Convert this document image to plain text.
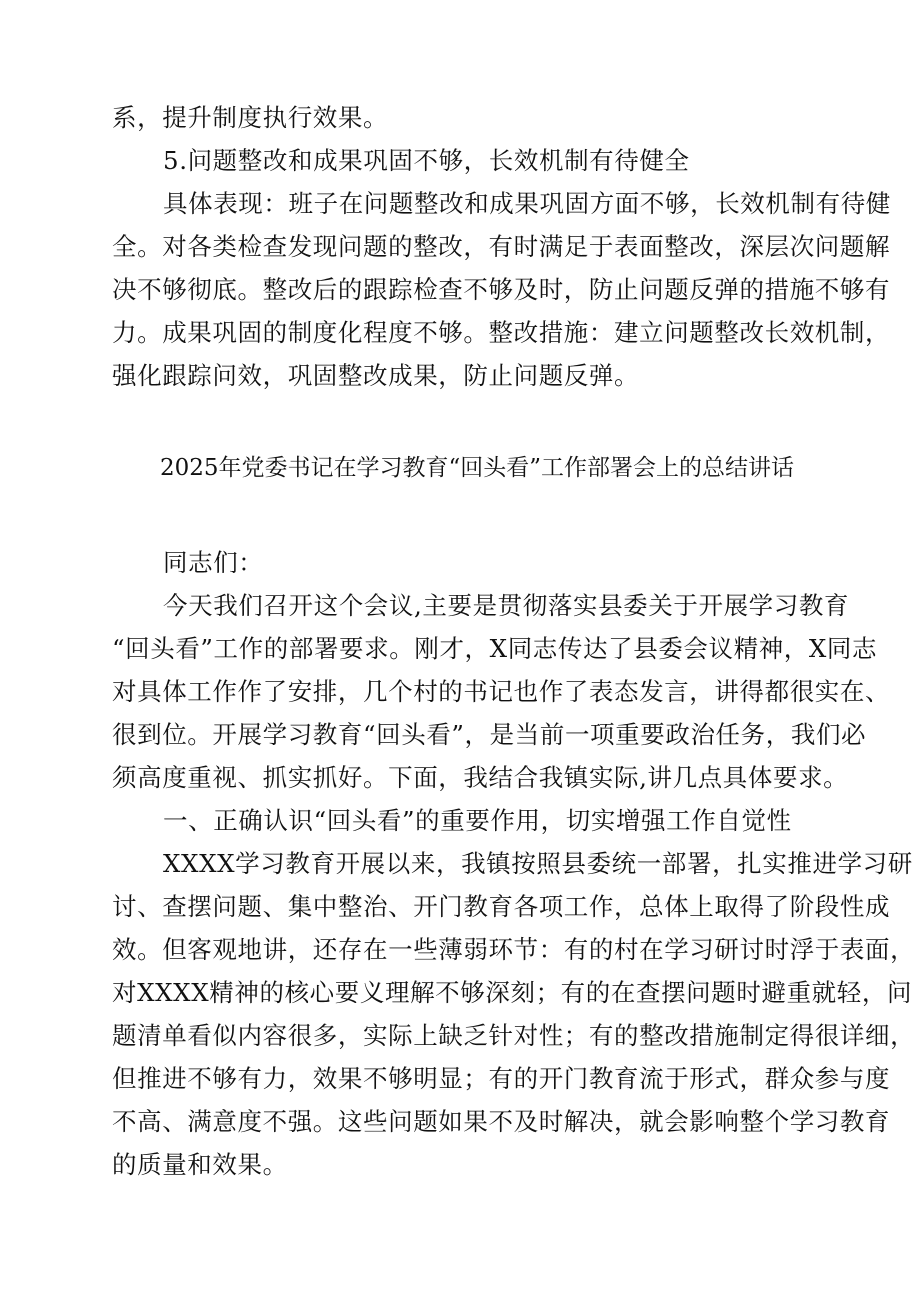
系，提升制度执行效果。
5.问题整改和成果巩固不够，长效机制有待健全
具体表现：班子在问题整改和成果巩固方面不够，长效机制有待健
全。对各类检查发现问题的整改，有时满足于表面整改，深层次问题解
决不够彻底。整改后的跟踪检查不够及时，防止问题反弹的措施不够有
力。成果巩固的制度化程度不够。整改措施：建立问题整改长效机制，
强化跟踪问效，巩固整改成果，防止问题反弹。
2025年党委书记在学习教育“回头看”工作部署会上的总结讲话
同志们：
今天我们召开这个会议,主要是贯彻落实县委关于开展学习教育
“回头看”工作的部署要求。刚才，X同志传达了县委会议精神，X同志
对具体工作作了安排，几个村的书记也作了表态发言，讲得都很实在、
很到位。开展学习教育“回头看”，是当前一项重要政治任务，我们必
须高度重视、抓实抓好。下面，我结合我镇实际,讲几点具体要求。
一、正确认识“回头看”的重要作用，切实增强工作自觉性
XXXX学习教育开展以来，我镇按照县委统一部署，扎实推进学习研
讨、查摆问题、集中整治、开门教育各项工作，总体上取得了阶段性成
效。但客观地讲，还存在一些薄弱环节：有的村在学习研讨时浮于表面，
对XXXX精神的核心要义理解不够深刻；有的在查摆问题时避重就轻，问
题清单看似内容很多，实际上缺乏针对性；有的整改措施制定得很详细，
但推进不够有力，效果不够明显；有的开门教育流于形式，群众参与度
不高、满意度不强。这些问题如果不及时解决，就会影响整个学习教育
的质量和效果。
